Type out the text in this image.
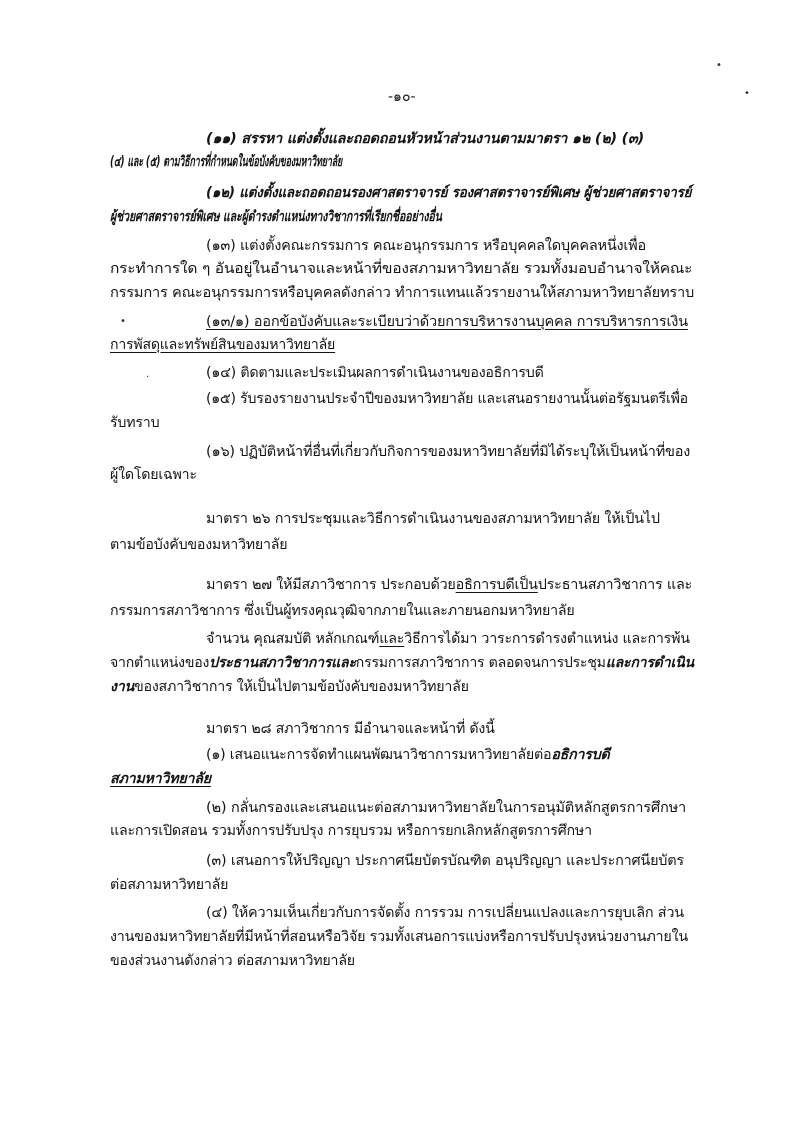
-๑๐-
•
•
•
·
(๑๑) สรรหา แต่งตั้งและถอดถอนหัวหน้าส่วนงานตามมาตรา ๑๒ (๒) (๓)
(๔) และ (๕) ตามวิธีการที่กำหนดในข้อบังคับของมหาวิทยาลัย
(๑๒) แต่งตั้งและถอดถอนรองศาสตราจารย์ รองศาสตราจารย์พิเศษ ผู้ช่วยศาสตราจารย์
ผู้ช่วยศาสตราจารย์พิเศษ และผู้ดำรงตำแหน่งทางวิชาการที่เรียกชื่ออย่างอื่น
(๑๓) แต่งตั้งคณะกรรมการ คณะอนุกรรมการ หรือบุคคลใดบุคคลหนึ่งเพื่อ
กระทำการใด ๆ อันอยู่ในอำนาจและหน้าที่ของสภามหาวิทยาลัย รวมทั้งมอบอำนาจให้คณะ
กรรมการ คณะอนุกรรมการหรือบุคคลดังกล่าว ทำการแทนแล้วรายงานให้สภามหาวิทยาลัยทราบ
(๑๓/๑) ออกข้อบังคับและระเบียบว่าด้วยการบริหารงานบุคคล การบริหารการเงิน
การพัสดุและทรัพย์สินของมหาวิทยาลัย
(๑๔) ติดตามและประเมินผลการดำเนินงานของอธิการบดี
(๑๕) รับรองรายงานประจำปีของมหาวิทยาลัย และเสนอรายงานนั้นต่อรัฐมนตรีเพื่อ
รับทราบ
(๑๖) ปฏิบัติหน้าที่อื่นที่เกี่ยวกับกิจการของมหาวิทยาลัยที่มิได้ระบุให้เป็นหน้าที่ของ
ผู้ใดโดยเฉพาะ
มาตรา ๒๖ การประชุมและวิธีการดำเนินงานของสภามหาวิทยาลัย ให้เป็นไป
ตามข้อบังคับของมหาวิทยาลัย
มาตรา ๒๗ ให้มีสภาวิชาการ ประกอบด้วยอธิการบดีเป็นประธานสภาวิชาการ และ
กรรมการสภาวิชาการ ซึ่งเป็นผู้ทรงคุณวุฒิจากภายในและภายนอกมหาวิทยาลัย
จำนวน คุณสมบัติ หลักเกณฑ์และวิธีการได้มา วาระการดำรงตำแหน่ง และการพ้น
จากตำแหน่งของประธานสภาวิชาการและกรรมการสภาวิชาการ ตลอดจนการประชุมและการดำเนิน
งานของสภาวิชาการ ให้เป็นไปตามข้อบังคับของมหาวิทยาลัย
มาตรา ๒๘ สภาวิชาการ มีอำนาจและหน้าที่ ดังนี้
(๑) เสนอแนะการจัดทำแผนพัฒนาวิชาการมหาวิทยาลัยต่ออธิการบดี
สภามหาวิทยาลัย
(๒) กลั่นกรองและเสนอแนะต่อสภามหาวิทยาลัยในการอนุมัติหลักสูตรการศึกษา
และการเปิดสอน รวมทั้งการปรับปรุง การยุบรวม หรือการยกเลิกหลักสูตรการศึกษา
(๓) เสนอการให้ปริญญา ประกาศนียบัตรบัณฑิต อนุปริญญา และประกาศนียบัตร
ต่อสภามหาวิทยาลัย
(๔) ให้ความเห็นเกี่ยวกับการจัดตั้ง การรวม การเปลี่ยนแปลงและการยุบเลิก ส่วน
งานของมหาวิทยาลัยที่มีหน้าที่สอนหรือวิจัย รวมทั้งเสนอการแบ่งหรือการปรับปรุงหน่วยงานภายใน
ของส่วนงานดังกล่าว ต่อสภามหาวิทยาลัย
